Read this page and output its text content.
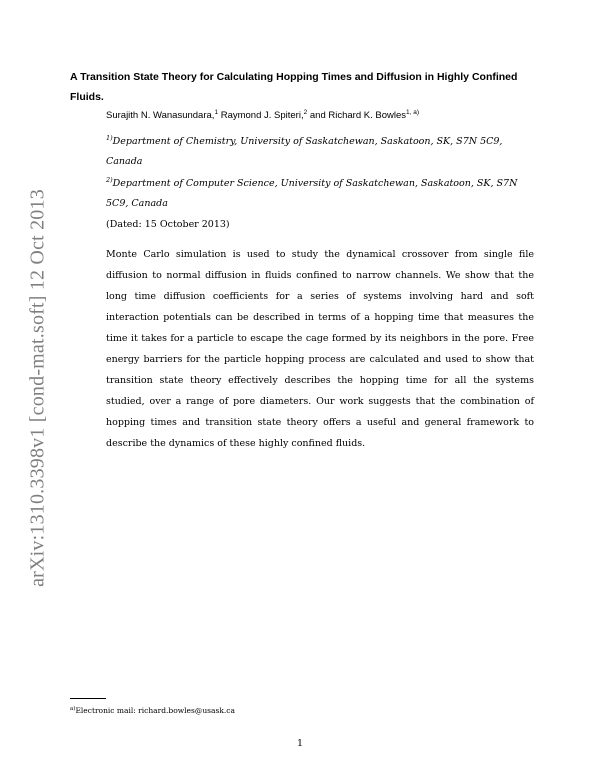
arXiv:1310.3398v1 [cond-mat.soft] 12 Oct 2013
A Transition State Theory for Calculating Hopping Times and Diffusion in Highly Confined Fluids.
Surajith N. Wanasundara,$^1$ Raymond J. Spiteri,$^2$ and Richard K. Bowles$^{1, a)}$
$^{1)}$Department of Chemistry, University of Saskatchewan, Saskatoon, SK, S7N 5C9, Canada
$^{2)}$Department of Computer Science, University of Saskatchewan, Saskatoon, SK, S7N 5C9, Canada
(Dated: 15 October 2013)

Monte Carlo simulation is used to study the dynamical crossover from single file diffusion to normal diffusion in fluids confined to narrow channels. We show that the long time diffusion coefficients for a series of systems involving hard and soft interaction potentials can be described in terms of a hopping time that measures the time it takes for a particle to escape the cage formed by its neighbors in the pore. Free energy barriers for the particle hopping process are calculated and used to show that transition state theory effectively describes the hopping time for all the systems studied, over a range of pore diameters. Our work suggests that the combination of hopping times and transition state theory offers a useful and general framework to describe the dynamics of these highly confined fluids.

$^{a)}$Electronic mail: richard.bowles@usask.ca
1
